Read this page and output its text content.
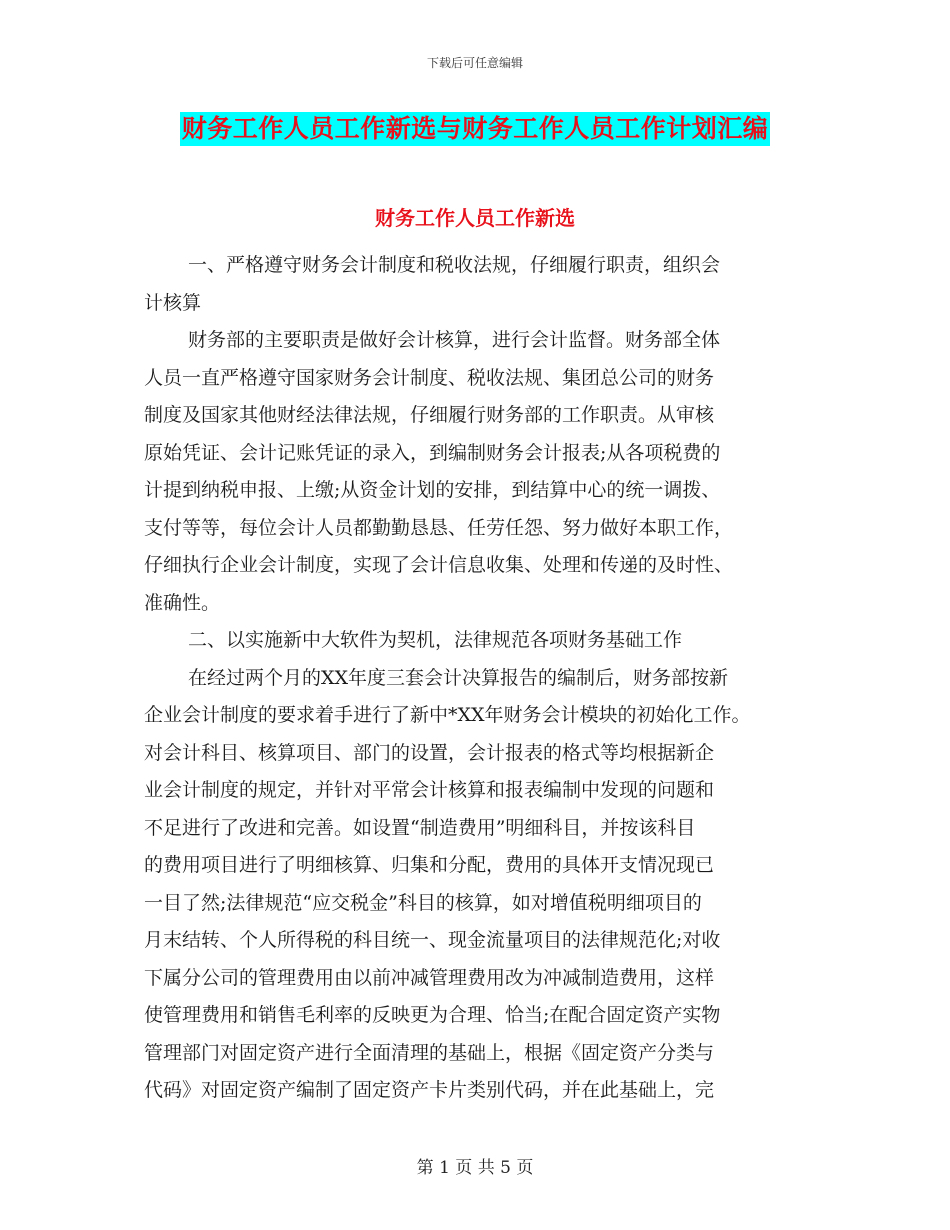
下载后可任意编辑
财务工作人员工作新选与财务工作人员工作计划汇编
财务工作人员工作新选
一、严格遵守财务会计制度和税收法规，仔细履行职责，组织会
计核算
财务部的主要职责是做好会计核算，进行会计监督。财务部全体
人员一直严格遵守国家财务会计制度、税收法规、集团总公司的财务
制度及国家其他财经法律法规，仔细履行财务部的工作职责。从审核
原始凭证、会计记账凭证的录入，到编制财务会计报表;从各项税费的
计提到纳税申报、上缴;从资金计划的安排，到结算中心的统一调拨、
支付等等，每位会计人员都勤勤恳恳、任劳任怨、努力做好本职工作，
仔细执行企业会计制度，实现了会计信息收集、处理和传递的及时性、
准确性。
二、以实施新中大软件为契机，法律规范各项财务基础工作
在经过两个月的XX年度三套会计决算报告的编制后，财务部按新
企业会计制度的要求着手进行了新中*XX年财务会计模块的初始化工作。
对会计科目、核算项目、部门的设置，会计报表的格式等均根据新企
业会计制度的规定，并针对平常会计核算和报表编制中发现的问题和
不足进行了改进和完善。如设置“制造费用”明细科目，并按该科目
的费用项目进行了明细核算、归集和分配，费用的具体开支情况现已
一目了然;法律规范“应交税金”科目的核算，如对增值税明细项目的
月末结转、个人所得税的科目统一、现金流量项目的法律规范化;对收
下属分公司的管理费用由以前冲减管理费用改为冲减制造费用，这样
使管理费用和销售毛利率的反映更为合理、恰当;在配合固定资产实物
管理部门对固定资产进行全面清理的基础上，根据《固定资产分类与
代码》对固定资产编制了固定资产卡片类别代码，并在此基础上，完
第 1 页 共 5 页
